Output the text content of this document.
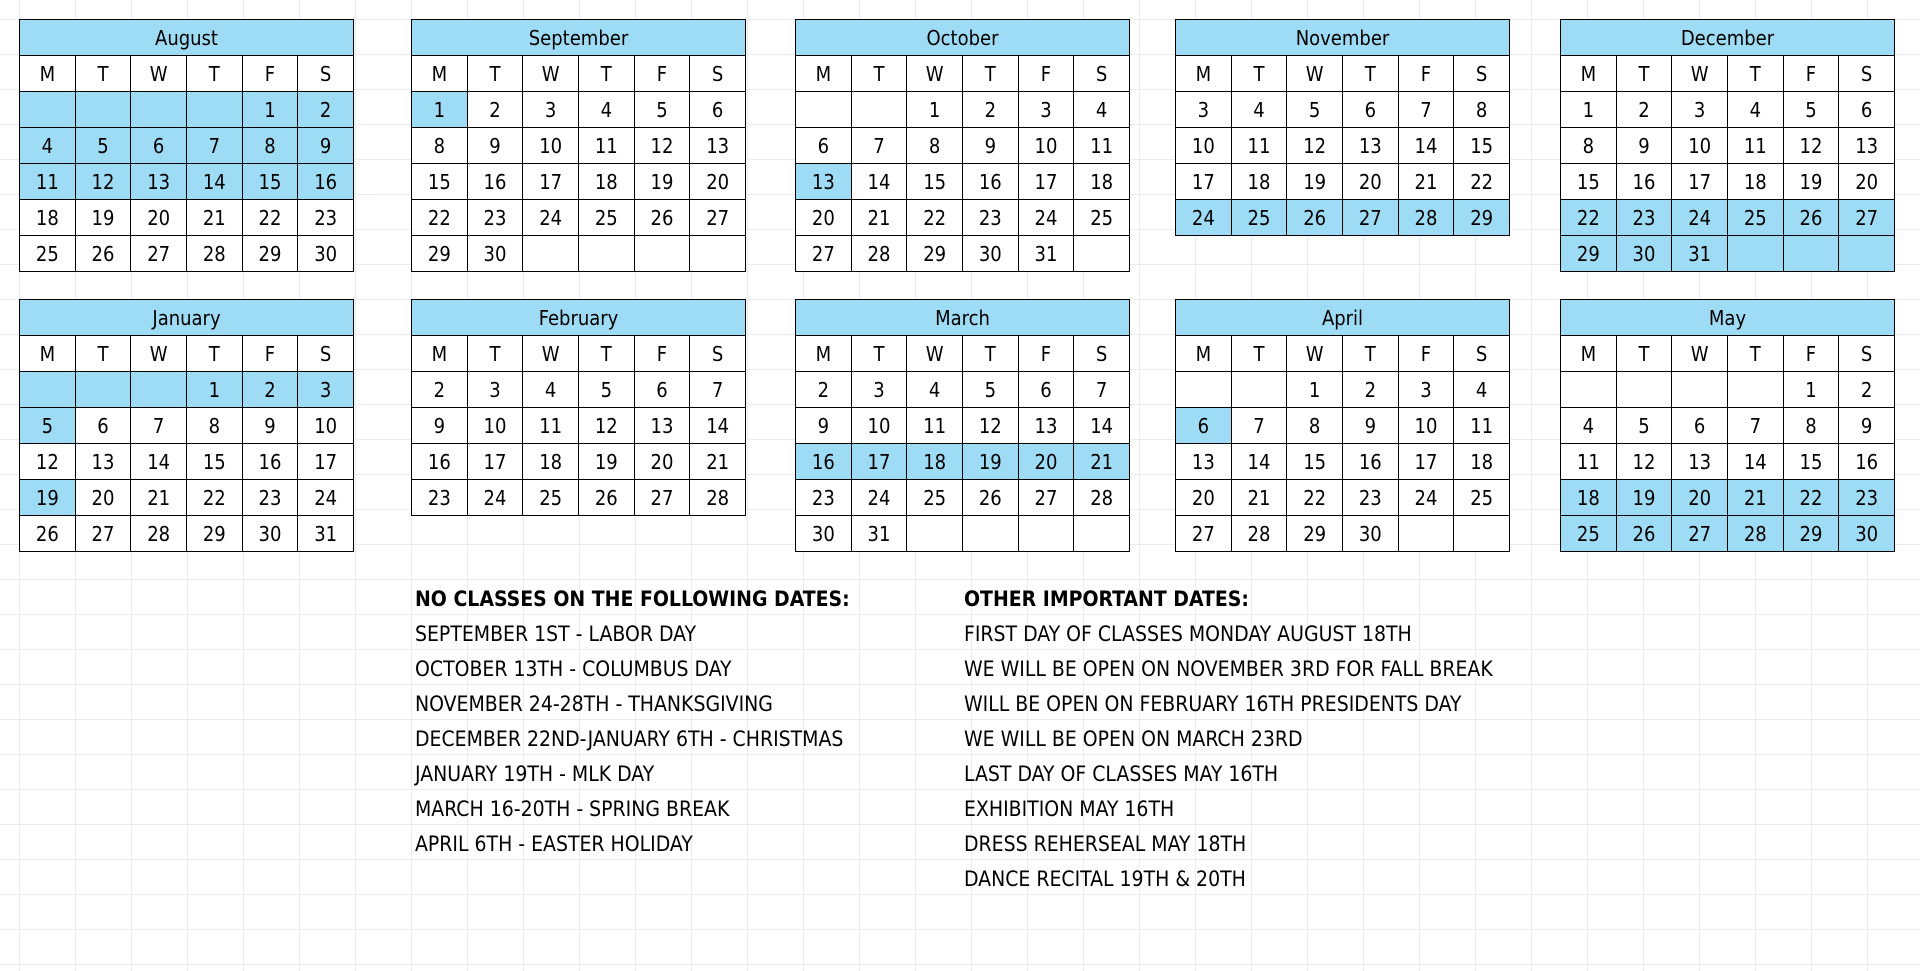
August					
M	T	W	T	F	S
				1	2
4	5	6	7	8	9
11	12	13	14	15	16
18	19	20	21	22	23
25	26	27	28	29	30
September					
M	T	W	T	F	S
1	2	3	4	5	6
8	9	10	11	12	13
15	16	17	18	19	20
22	23	24	25	26	27
29	30				
October					
M	T	W	T	F	S
		1	2	3	4
6	7	8	9	10	11
13	14	15	16	17	18
20	21	22	23	24	25
27	28	29	30	31	
November					
M	T	W	T	F	S
3	4	5	6	7	8
10	11	12	13	14	15
17	18	19	20	21	22
24	25	26	27	28	29
December					
M	T	W	T	F	S
1	2	3	4	5	6
8	9	10	11	12	13
15	16	17	18	19	20
22	23	24	25	26	27
29	30	31			
January					
M	T	W	T	F	S
			1	2	3
5	6	7	8	9	10
12	13	14	15	16	17
19	20	21	22	23	24
26	27	28	29	30	31
February					
M	T	W	T	F	S
2	3	4	5	6	7
9	10	11	12	13	14
16	17	18	19	20	21
23	24	25	26	27	28
March					
M	T	W	T	F	S
2	3	4	5	6	7
9	10	11	12	13	14
16	17	18	19	20	21
23	24	25	26	27	28
30	31				
April					
M	T	W	T	F	S
		1	2	3	4
6	7	8	9	10	11
13	14	15	16	17	18
20	21	22	23	24	25
27	28	29	30		
May					
M	T	W	T	F	S
				1	2
4	5	6	7	8	9
11	12	13	14	15	16
18	19	20	21	22	23
25	26	27	28	29	30
NO CLASSES ON THE FOLLOWING DATES:
SEPTEMBER 1ST - LABOR DAY
OCTOBER 13TH - COLUMBUS DAY
NOVEMBER 24-28TH - THANKSGIVING
DECEMBER 22ND-JANUARY 6TH - CHRISTMAS
JANUARY 19TH - MLK DAY
MARCH 16-20TH - SPRING BREAK
APRIL 6TH - EASTER HOLIDAY
OTHER IMPORTANT DATES:
FIRST DAY OF CLASSES MONDAY AUGUST 18TH
WE WILL BE OPEN ON NOVEMBER 3RD FOR FALL BREAK
WILL BE OPEN ON FEBRUARY 16TH PRESIDENTS DAY
WE WILL BE OPEN ON MARCH 23RD
LAST DAY OF CLASSES MAY 16TH
EXHIBITION MAY 16TH
DRESS REHERSEAL MAY 18TH
DANCE RECITAL 19TH & 20TH
